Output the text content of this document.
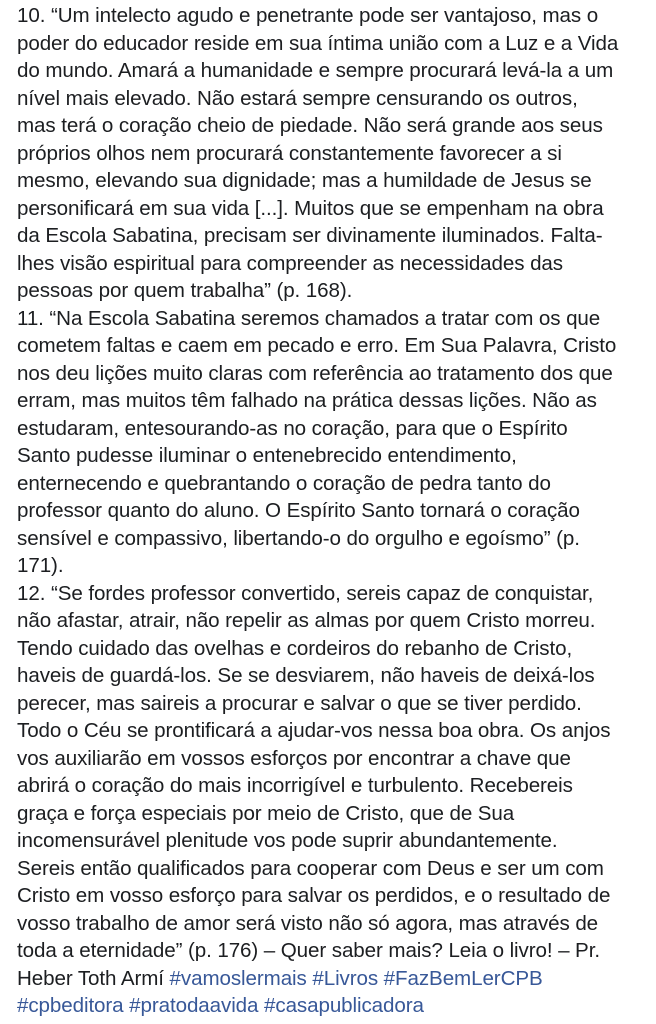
10. “Um intelecto agudo e penetrante pode ser vantajoso, mas o
poder do educador reside em sua íntima união com a Luz e a Vida
do mundo. Amará a humanidade e sempre procurará levá-la a um
nível mais elevado. Não estará sempre censurando os outros,
mas terá o coração cheio de piedade. Não será grande aos seus
próprios olhos nem procurará constantemente favorecer a si
mesmo, elevando sua dignidade; mas a humildade de Jesus se
personificará em sua vida [...]. Muitos que se empenham na obra
da Escola Sabatina, precisam ser divinamente iluminados. Falta-
lhes visão espiritual para compreender as necessidades das
pessoas por quem trabalha” (p. 168).
11. “Na Escola Sabatina seremos chamados a tratar com os que
cometem faltas e caem em pecado e erro. Em Sua Palavra, Cristo
nos deu lições muito claras com referência ao tratamento dos que
erram, mas muitos têm falhado na prática dessas lições. Não as
estudaram, entesourando-as no coração, para que o Espírito
Santo pudesse iluminar o entenebrecido entendimento,
enternecendo e quebrantando o coração de pedra tanto do
professor quanto do aluno. O Espírito Santo tornará o coração
sensível e compassivo, libertando-o do orgulho e egoísmo” (p.
171).
12. “Se fordes professor convertido, sereis capaz de conquistar,
não afastar, atrair, não repelir as almas por quem Cristo morreu.
Tendo cuidado das ovelhas e cordeiros do rebanho de Cristo,
haveis de guardá-los. Se se desviarem, não haveis de deixá-los
perecer, mas saireis a procurar e salvar o que se tiver perdido.
Todo o Céu se prontificará a ajudar-vos nessa boa obra. Os anjos
vos auxiliarão em vossos esforços por encontrar a chave que
abrirá o coração do mais incorrigível e turbulento. Recebereis
graça e força especiais por meio de Cristo, que de Sua
incomensurável plenitude vos pode suprir abundantemente.
Sereis então qualificados para cooperar com Deus e ser um com
Cristo em vosso esforço para salvar os perdidos, e o resultado de
vosso trabalho de amor será visto não só agora, mas através de
toda a eternidade” (p. 176) – Quer saber mais? Leia o livro! – Pr.
Heber Toth Armí #vamoslermais #Livros #FazBemLerCPB
#cpbeditora #pratodaavida #casapublicadora
